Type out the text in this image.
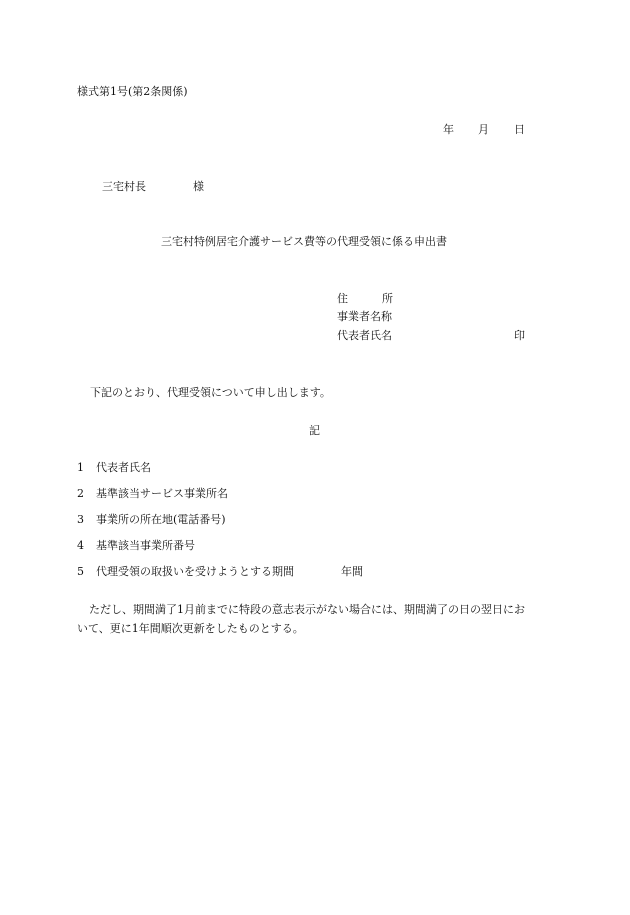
様式第1号(第2条関係)
年 月 日
三宅村長	様
三宅村特例居宅介護サービス費等の代理受領に係る申出書
住	所
事業者名称
代表者氏名	印
下記のとおり、代理受領について申し出します。
記
1 代表者氏名
2 基準該当サービス事業所名
3 事業所の所在地(電話番号)
4 基準該当事業所番号
5 代理受領の取扱いを受けようとする期間	年間
ただし、期間満了1月前までに特段の意志表示がない場合には、期間満了の日の翌日にお
いて、更に1年間順次更新をしたものとする。
